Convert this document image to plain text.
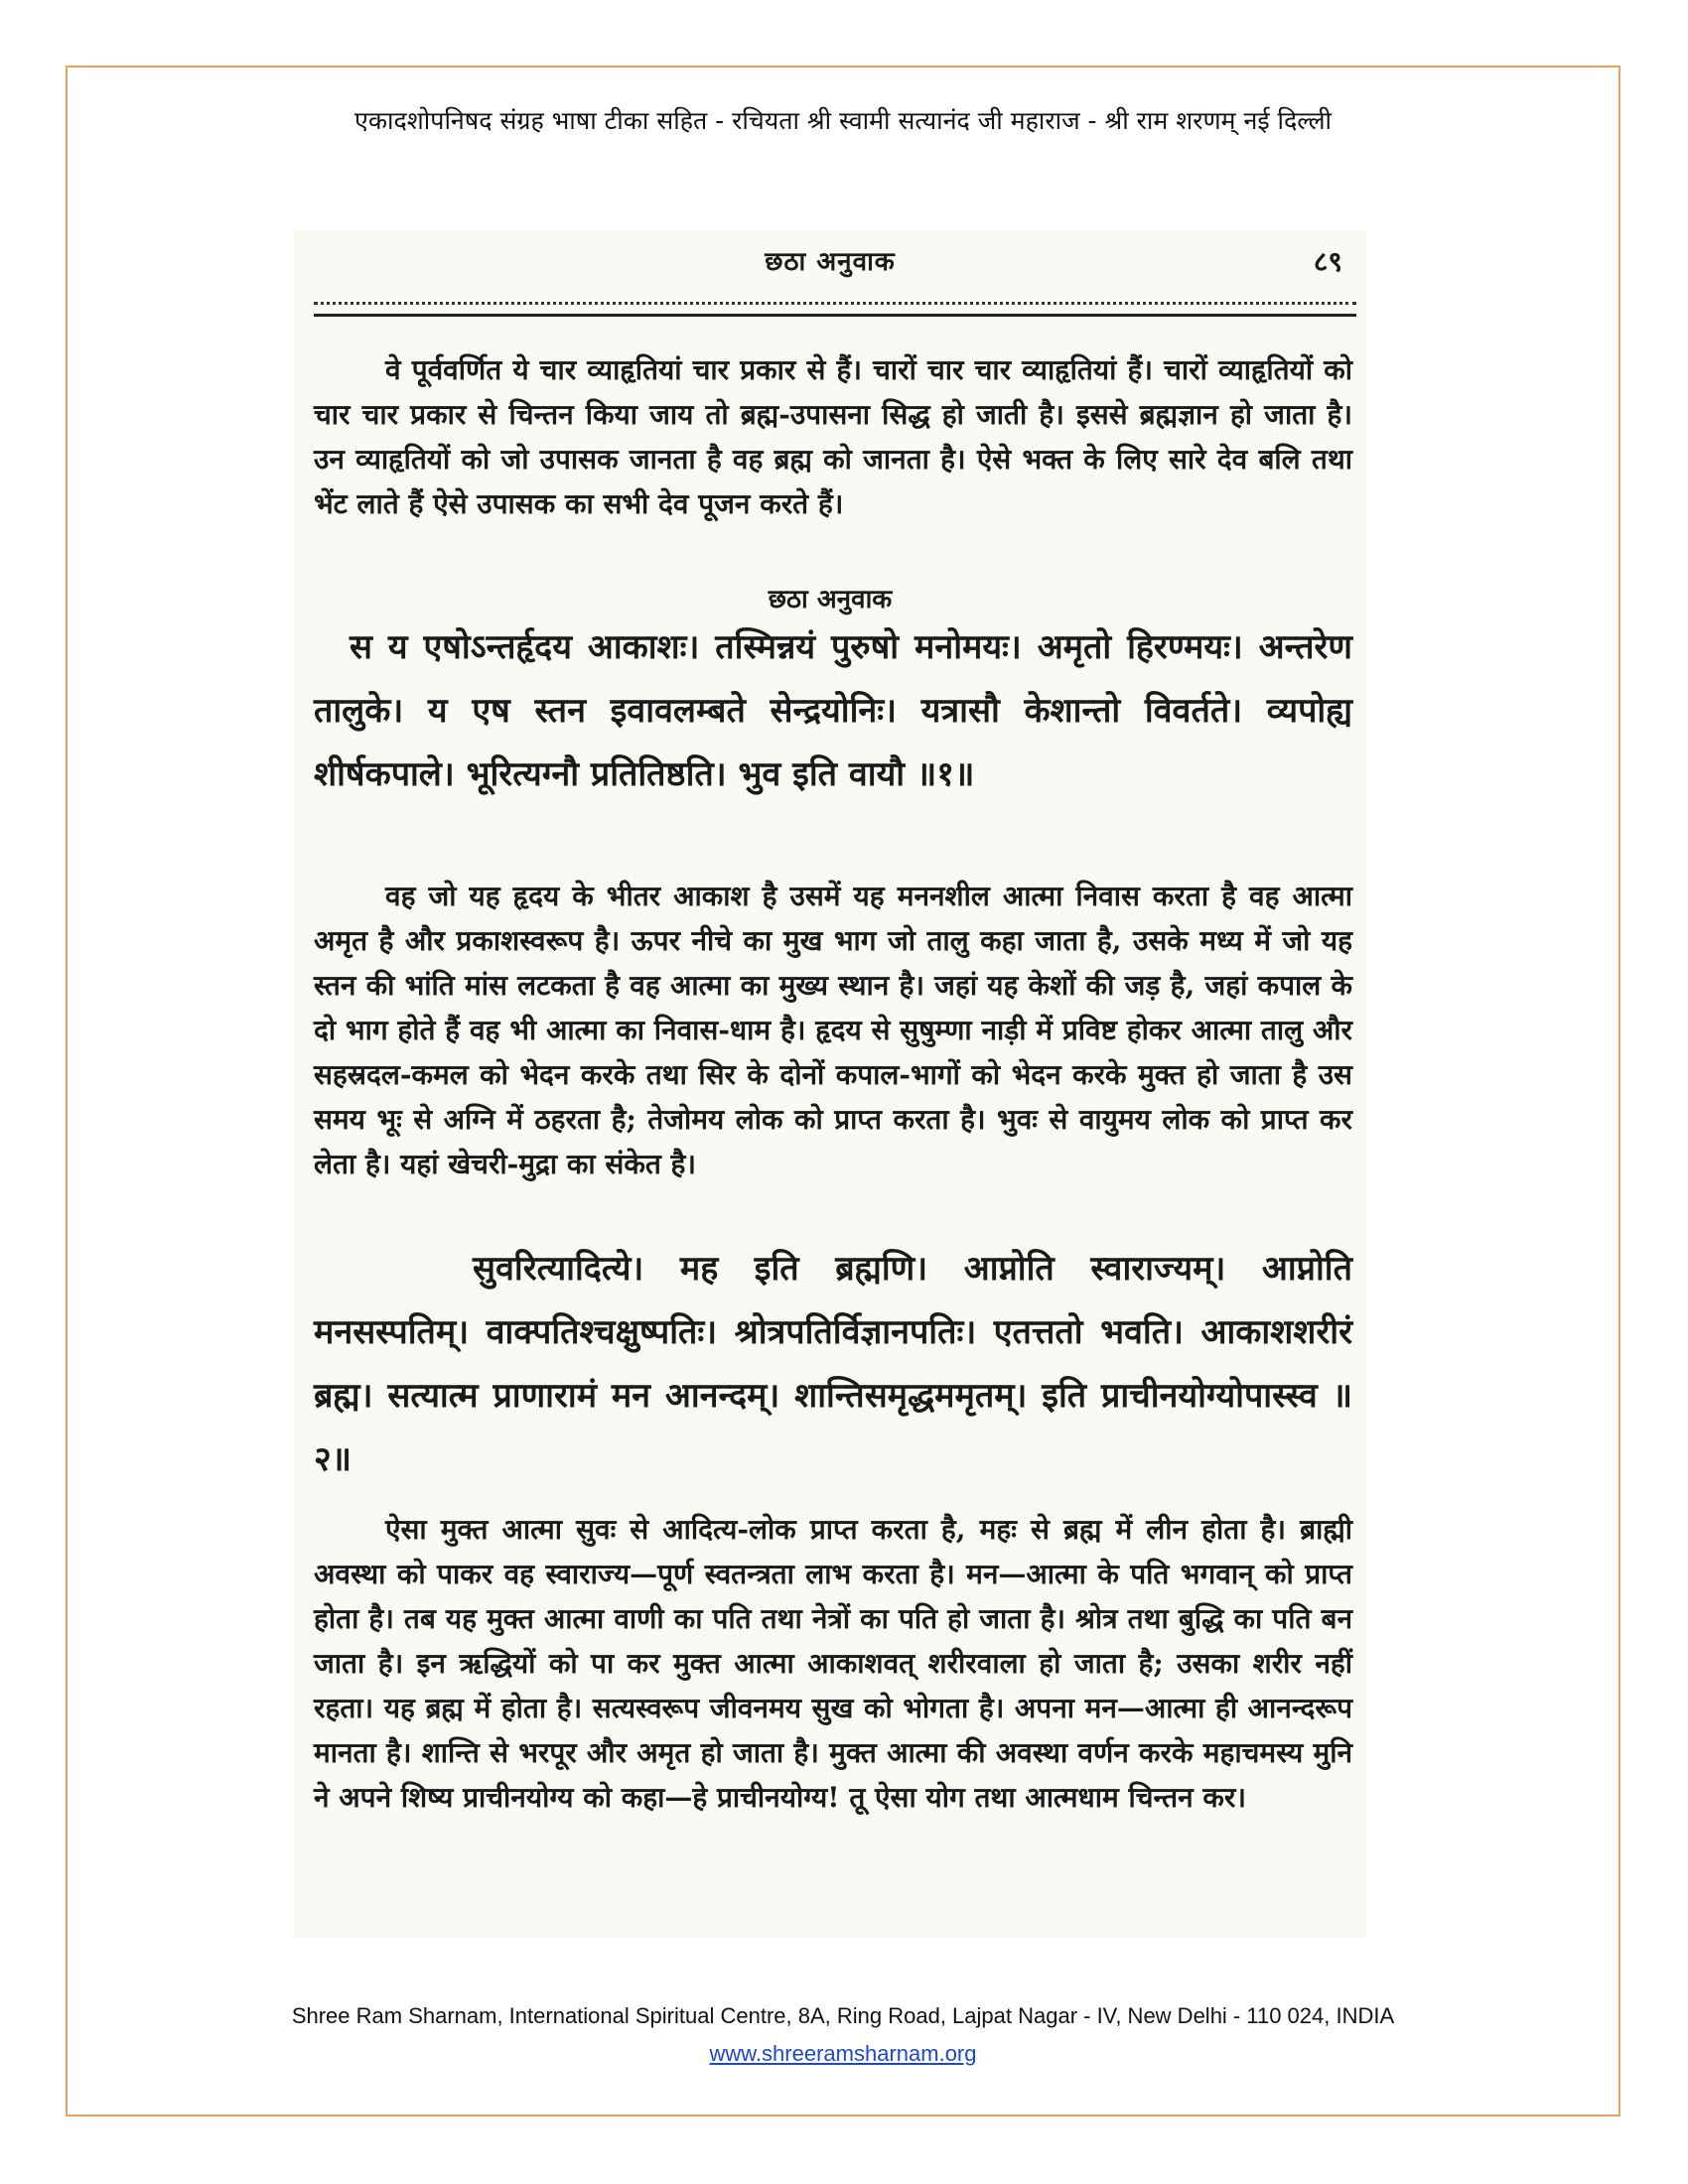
एकादशोपनिषद संग्रह भाषा टीका सहित - रचियता श्री स्वामी सत्यानंद जी महाराज - श्री राम शरणम् नई दिल्ली
छठा अनुवाक	८९

वे पूर्ववर्णित ये चार व्याहृतियां चार प्रकार से हैं। चारों चार चार व्याहृतियां हैं। चारों व्याहृतियों को चार चार प्रकार से चिन्तन किया जाय तो ब्रह्म-उपासना सिद्ध हो जाती है। इससे ब्रह्मज्ञान हो जाता है। उन व्याहृतियों को जो उपासक जानता है वह ब्रह्म को जानता है। ऐसे भक्त के लिए सारे देव बलि तथा भेंट लाते हैं ऐसे उपासक का सभी देव पूजन करते हैं।

छठा अनुवाक

स य एषोऽन्तर्हृदय आकाशः। तस्मिन्नयं पुरुषो मनोमयः। अमृतो हिरण्मयः। अन्तरेण तालुके। य एष स्तन इवावलम्बते सेन्द्रयोनिः। यत्रासौ केशान्तो विवर्तते। व्यपोह्य शीर्षकपाले। भूरित्यग्नौ प्रतितिष्ठति। भुव इति वायौ ॥१॥

वह जो यह हृदय के भीतर आकाश है उसमें यह मननशील आत्मा निवास करता है वह आत्मा अमृत है और प्रकाशस्वरूप है। ऊपर नीचे का मुख भाग जो तालु कहा जाता है, उसके मध्य में जो यह स्तन की भांति मांस लटकता है वह आत्मा का मुख्य स्थान है। जहां यह केशों की जड़ है, जहां कपाल के दो भाग होते हैं वह भी आत्मा का निवास-धाम है। हृदय से सुषुम्णा नाड़ी में प्रविष्ट होकर आत्मा तालु और सहस्रदल-कमल को भेदन करके तथा सिर के दोनों कपाल-भागों को भेदन करके मुक्त हो जाता है उस समय भूः से अग्नि में ठहरता है; तेजोमय लोक को प्राप्त करता है। भुवः से वायुमय लोक को प्राप्त कर लेता है। यहां खेचरी-मुद्रा का संकेत है।

सुवरित्यादित्ये। मह इति ब्रह्मणि। आप्नोति स्वाराज्यम्। आप्नोति मनसस्पतिम्। वाक्पतिश्चक्षुष्पतिः। श्रोत्रपतिर्विज्ञानपतिः। एतत्ततो भवति। आकाशशरीरं ब्रह्म। सत्यात्म प्राणारामं मन आनन्दम्। शान्तिसमृद्धममृतम्। इति प्राचीनयोग्योपास्स्व ॥२॥

ऐसा मुक्त आत्मा सुवः से आदित्य-लोक प्राप्त करता है, महः से ब्रह्म में लीन होता है। ब्राह्मी अवस्था को पाकर वह स्वाराज्य—पूर्ण स्वतन्त्रता लाभ करता है। मन—आत्मा के पति भगवान् को प्राप्त होता है। तब यह मुक्त आत्मा वाणी का पति तथा नेत्रों का पति हो जाता है। श्रोत्र तथा बुद्धि का पति बन जाता है। इन ऋद्धियों को पा कर मुक्त आत्मा आकाशवत् शरीरवाला हो जाता है; उसका शरीर नहीं रहता। यह ब्रह्म में होता है। सत्यस्वरूप जीवनमय सुख को भोगता है। अपना मन—आत्मा ही आनन्दरूप मानता है। शान्ति से भरपूर और अमृत हो जाता है। मुक्त आत्मा की अवस्था वर्णन करके महाचमस्य मुनि ने अपने शिष्य प्राचीनयोग्य को कहा—हे प्राचीनयोग्य! तू ऐसा योग तथा आत्मधाम चिन्तन कर।

Shree Ram Sharnam, International Spiritual Centre, 8A, Ring Road, Lajpat Nagar - IV, New Delhi - 110 024, INDIA
www.shreeramsharnam.org
